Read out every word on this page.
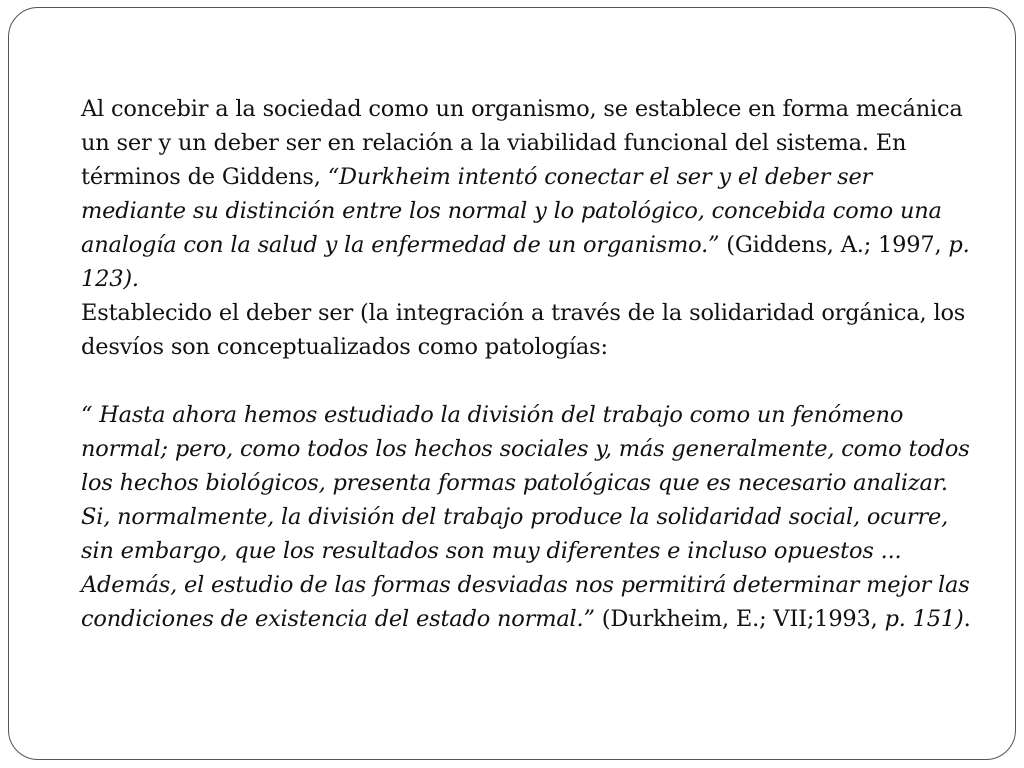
Al concebir a la sociedad como un organismo, se establece en forma mecánica un ser y un deber ser en relación a la viabilidad funcional del sistema. En términos de Giddens, “Durkheim intentó conectar el ser y el deber ser mediante su distinción entre los normal y lo patológico, concebida como una analogía con la salud y la enfermedad de un organismo.” (Giddens, A.; 1997, p. 123).
Establecido el deber ser (la integración a través de la solidaridad orgánica, los desvíos son conceptualizados como patologías:

“ Hasta ahora hemos estudiado la división del trabajo como un fenómeno normal; pero, como todos los hechos sociales y, más generalmente, como todos los hechos biológicos, presenta formas patológicas que es necesario analizar. Si, normalmente, la división del trabajo produce la solidaridad social, ocurre, sin embargo, que los resultados son muy diferentes e incluso opuestos ... Además, el estudio de las formas desviadas nos permitirá determinar mejor las condiciones de existencia del estado normal.” (Durkheim, E.; VII;1993, p. 151).
